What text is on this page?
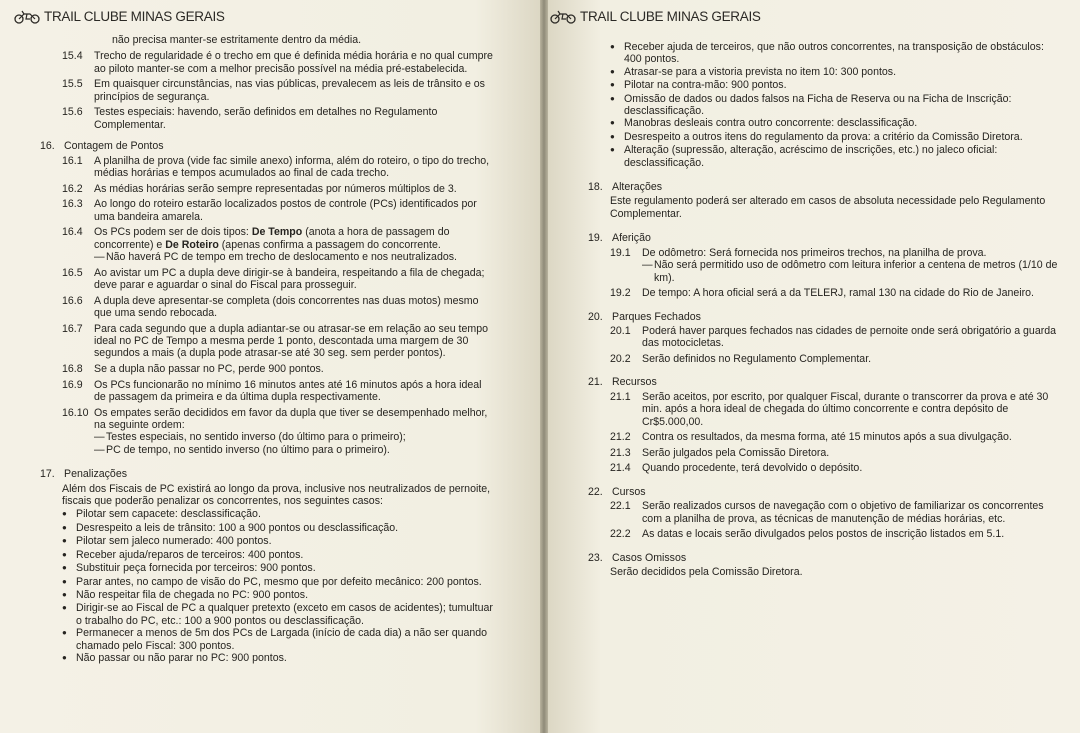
TRAIL CLUBE MINAS GERAIS
não precisa manter-se estritamente dentro da média.
15.4	Trecho de regularidade é o trecho em que é definida média horária e no qual cumpre ao piloto manter-se com a melhor precisão possível na média pré-estabelecida.
15.5	Em quaisquer circunstâncias, nas vias públicas, prevalecem as leis de trânsito e os princípios de segurança.
15.6	Testes especiais: havendo, serão definidos em detalhes no Regulamento Complementar.
16. Contagem de Pontos
16.1	A planilha de prova (vide fac simile anexo) informa, além do roteiro, o tipo do trecho, médias horárias e tempos acumulados ao final de cada trecho.
16.2	As médias horárias serão sempre representadas por números múltiplos de 3.
16.3	Ao longo do roteiro estarão localizados postos de controle (PCs) identificados por uma bandeira amarela.
16.4	Os PCs podem ser de dois tipos: De Tempo (anota a hora de passagem do concorrente) e De Roteiro (apenas confirma a passagem do concorrente.
— Não haverá PC de tempo em trecho de deslocamento e nos neutralizados.
16.5	Ao avistar um PC a dupla deve dirigir-se à bandeira, respeitando a fila de chegada; deve parar e aguardar o sinal do Fiscal para prosseguir.
16.6	A dupla deve apresentar-se completa (dois concorrentes nas duas motos) mesmo que uma sendo rebocada.
16.7	Para cada segundo que a dupla adiantar-se ou atrasar-se em relação ao seu tempo ideal no PC de Tempo a mesma perde 1 ponto, descontada uma margem de 30 segundos a mais (a dupla pode atrasar-se até 30 seg. sem perder pontos).
16.8	Se a dupla não passar no PC, perde 900 pontos.
16.9	Os PCs funcionarão no mínimo 16 minutos antes até 16 minutos após a hora ideal de passagem da primeira e da última dupla respectivamente.
16.10 Os empates serão decididos em favor da dupla que tiver se desempenhado melhor, na seguinte ordem:
— Testes especiais, no sentido inverso (do último para o primeiro);
— PC de tempo, no sentido inverso (no último para o primeiro).
17. Penalizações
Além dos Fiscais de PC existirá ao longo da prova, inclusive nos neutralizados de pernoite, fiscais que poderão penalizar os concorrentes, nos seguintes casos:
●
Pilotar sem capacete: desclassificação.
●
Desrespeito a leis de trânsito: 100 a 900 pontos ou desclassificação.
●
Pilotar sem jaleco numerado: 400 pontos.
●
Receber ajuda/reparos de terceiros: 400 pontos.
●
Substituir peça fornecida por terceiros: 900 pontos.
●
Parar antes, no campo de visão do PC, mesmo que por defeito mecânico: 200 pontos.
●
Não respeitar fila de chegada no PC: 900 pontos.
●
Dirigir-se ao Fiscal de PC a qualquer pretexto (exceto em casos de acidentes); tumultuar o trabalho do PC, etc.: 100 a 900 pontos ou desclassificação.
●
Permanecer a menos de 5m dos PCs de Largada (início de cada dia) a não ser quando chamado pelo Fiscal: 300 pontos.
●
Não passar ou não parar no PC: 900 pontos.
TRAIL CLUBE MINAS GERAIS
●
Receber ajuda de terceiros, que não outros concorrentes, na transposição de obstáculos: 400 pontos.
●
Atrasar-se para a vistoria prevista no item 10: 300 pontos.
●
Pilotar na contra-mão: 900 pontos.
●
Omissão de dados ou dados falsos na Ficha de Reserva ou na Ficha de Inscrição: desclassificação.
●
Manobras desleais contra outro concorrente: desclassificação.
●
Desrespeito a outros itens do regulamento da prova: a critério da Comissão Diretora.
●
Alteração (supressão, alteração, acréscimo de inscrições, etc.) no jaleco oficial: desclassificação.
18. Alterações
Este regulamento poderá ser alterado em casos de absoluta necessidade pelo Regulamento Complementar.
19. Aferição
19.1	De odômetro: Será fornecida nos primeiros trechos, na planilha de prova.
— Não será permitido uso de odômetro com leitura inferior a centena de metros (1/10 de km).
19.2	De tempo: A hora oficial será a da TELERJ, ramal 130 na cidade do Rio de Janeiro.
20. Parques Fechados
20.1	Poderá haver parques fechados nas cidades de pernoite onde será obrigatório a guarda das motocicletas.
20.2	Serão definidos no Regulamento Complementar.
21. Recursos
21.1	Serão aceitos, por escrito, por qualquer Fiscal, durante o transcorrer da prova e até 30 min. após a hora ideal de chegada do último concorrente e contra depósito de Cr$5.000,00.
21.2	Contra os resultados, da mesma forma, até 15 minutos após a sua divulgação.
21.3	Serão julgados pela Comissão Diretora.
21.4	Quando procedente, terá devolvido o depósito.
22. Cursos
22.1	Serão realizados cursos de navegação com o objetivo de familiarizar os concorrentes com a planilha de prova, as técnicas de manutenção de médias horárias, etc.
22.2	As datas e locais serão divulgados pelos postos de inscrição listados em 5.1.
23. Casos Omissos
Serão decididos pela Comissão Diretora.
